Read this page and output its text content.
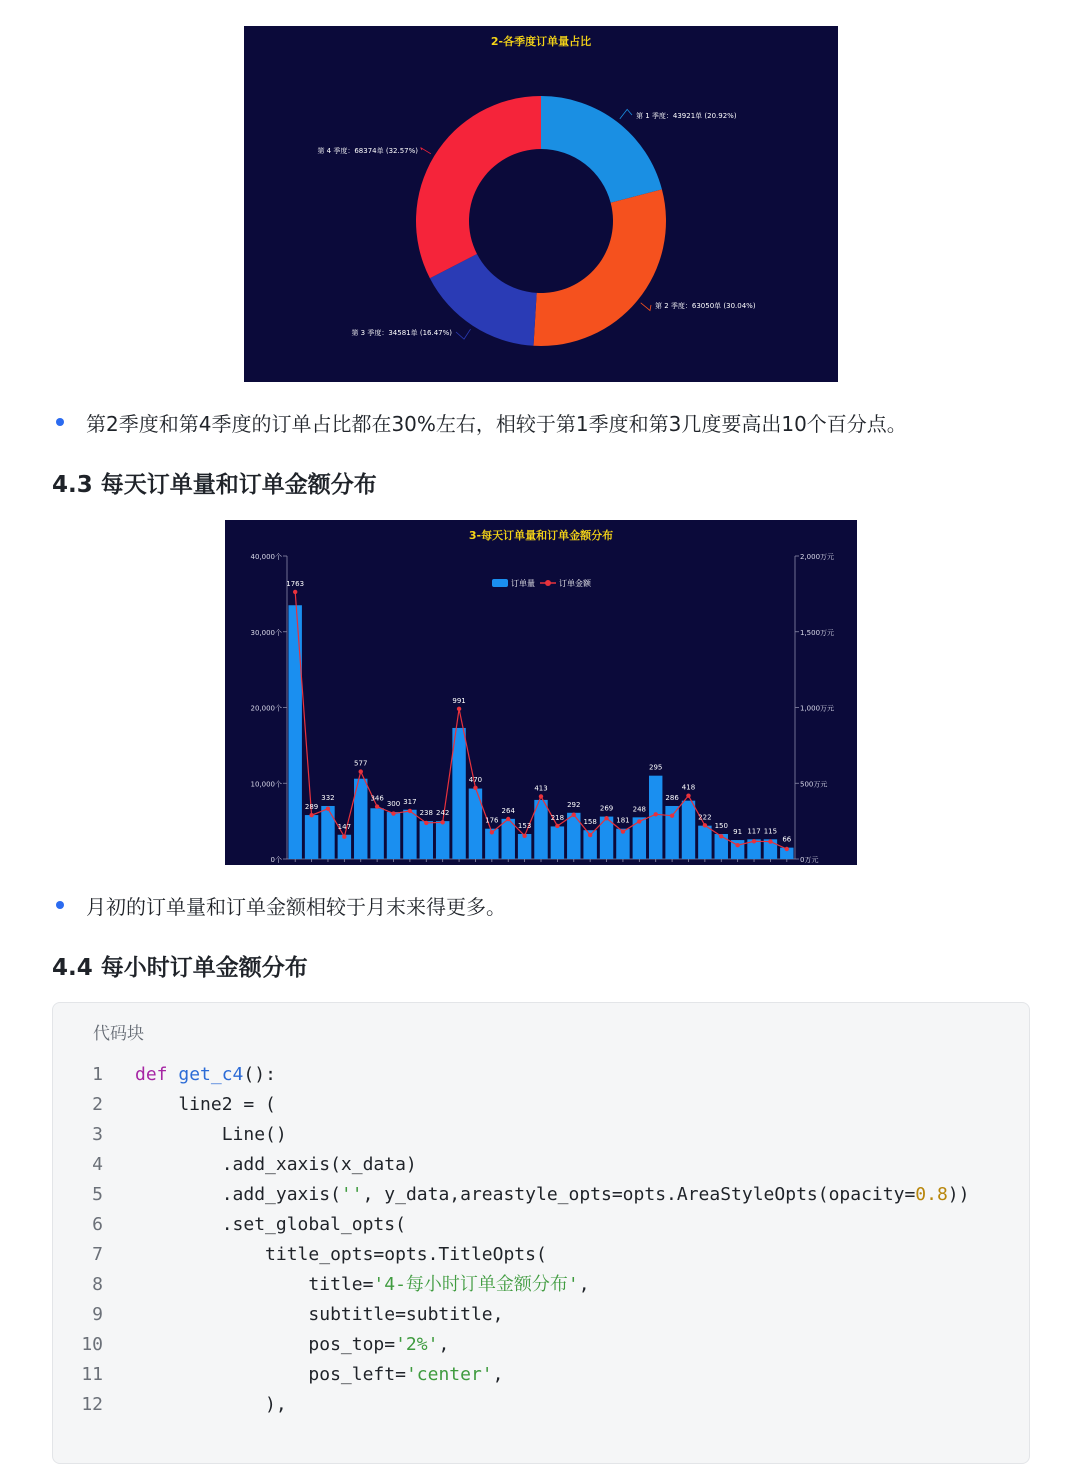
2-各季度订单量占比
第 1 季度：43921单 (20.92%)
第 2 季度：63050单 (30.04%)
第 3 季度：34581单 (16.47%)
第 4 季度：68374单 (32.57%)
第2季度和第4季度的订单占比都在30%左右，相较于第1季度和第3几度要高出10个百分点。
4.3 每天订单量和订单金额分布
3-每天订单量和订单金额分布
订单量	订单金额
0个
10,000个
20,000个
30,000个
40,000个
0万元
500万元
1,000万元
1,500万元
2,000万元
1763
289
332
147
577
346
300 317
238 242
991
470
176
264
153
413
218
292
158
269
181
248
295
286
418
222
150
91 117 115
66
月初的订单量和订单金额相较于月末来得更多。
4.4 每小时订单金额分布
代码块
1 def get_c4():
2    line2 = (
3        Line()
4        .add_xaxis(x_data)
5        .add_yaxis('', y_data,areastyle_opts=opts.AreaStyleOpts(opacity=0.8))
6        .set_global_opts(
7            title_opts=opts.TitleOpts(
8                title='4-每小时订单金额分布',
9                subtitle=subtitle,
10                pos_top='2%',
11                pos_left='center',
12            ),
